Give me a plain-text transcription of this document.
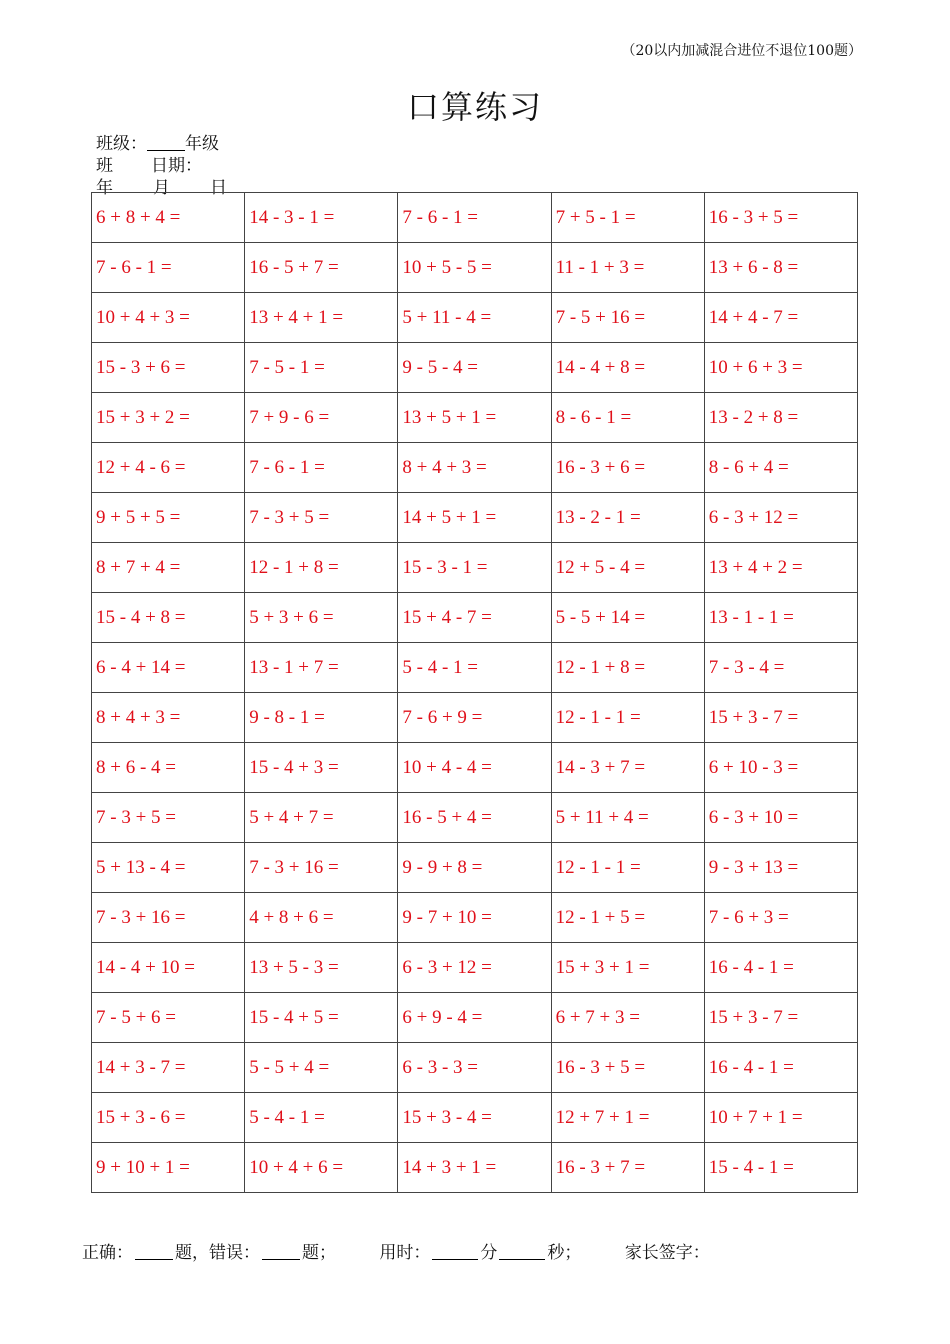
（20以内加减混合进位不退位100题）
口算练习
班级： 年级
班 日期：
年 月 日
6 + 8 + 4 =	14 - 3 - 1 =	7 - 6 - 1 =	7 + 5 - 1 =	16 - 3 + 5 =
7 - 6 - 1 =	16 - 5 + 7 =	10 + 5 - 5 =	11 - 1 + 3 =	13 + 6 - 8 =
10 + 4 + 3 =	13 + 4 + 1 =	5 + 11 - 4 =	7 - 5 + 16 =	14 + 4 - 7 =
15 - 3 + 6 =	7 - 5 - 1 =	9 - 5 - 4 =	14 - 4 + 8 =	10 + 6 + 3 =
15 + 3 + 2 =	7 + 9 - 6 =	13 + 5 + 1 =	8 - 6 - 1 =	13 - 2 + 8 =
12 + 4 - 6 =	7 - 6 - 1 =	8 + 4 + 3 =	16 - 3 + 6 =	8 - 6 + 4 =
9 + 5 + 5 =	7 - 3 + 5 =	14 + 5 + 1 =	13 - 2 - 1 =	6 - 3 + 12 =
8 + 7 + 4 =	12 - 1 + 8 =	15 - 3 - 1 =	12 + 5 - 4 =	13 + 4 + 2 =
15 - 4 + 8 =	5 + 3 + 6 =	15 + 4 - 7 =	5 - 5 + 14 =	13 - 1 - 1 =
6 - 4 + 14 =	13 - 1 + 7 =	5 - 4 - 1 =	12 - 1 + 8 =	7 - 3 - 4 =
8 + 4 + 3 =	9 - 8 - 1 =	7 - 6 + 9 =	12 - 1 - 1 =	15 + 3 - 7 =
8 + 6 - 4 =	15 - 4 + 3 =	10 + 4 - 4 =	14 - 3 + 7 =	6 + 10 - 3 =
7 - 3 + 5 =	5 + 4 + 7 =	16 - 5 + 4 =	5 + 11 + 4 =	6 - 3 + 10 =
5 + 13 - 4 =	7 - 3 + 16 =	9 - 9 + 8 =	12 - 1 - 1 =	9 - 3 + 13 =
7 - 3 + 16 =	4 + 8 + 6 =	9 - 7 + 10 =	12 - 1 + 5 =	7 - 6 + 3 =
14 - 4 + 10 =	13 + 5 - 3 =	6 - 3 + 12 =	15 + 3 + 1 =	16 - 4 - 1 =
7 - 5 + 6 =	15 - 4 + 5 =	6 + 9 - 4 =	6 + 7 + 3 =	15 + 3 - 7 =
14 + 3 - 7 =	5 - 5 + 4 =	6 - 3 - 3 =	16 - 3 + 5 =	16 - 4 - 1 =
15 + 3 - 6 =	5 - 4 - 1 =	15 + 3 - 4 =	12 + 7 + 1 =	10 + 7 + 1 =
9 + 10 + 1 =	10 + 4 + 6 =	14 + 3 + 1 =	16 - 3 + 7 =	15 - 4 - 1 =
正确： 题，错误： 题；	用时：	分	秒；	家长签字：
